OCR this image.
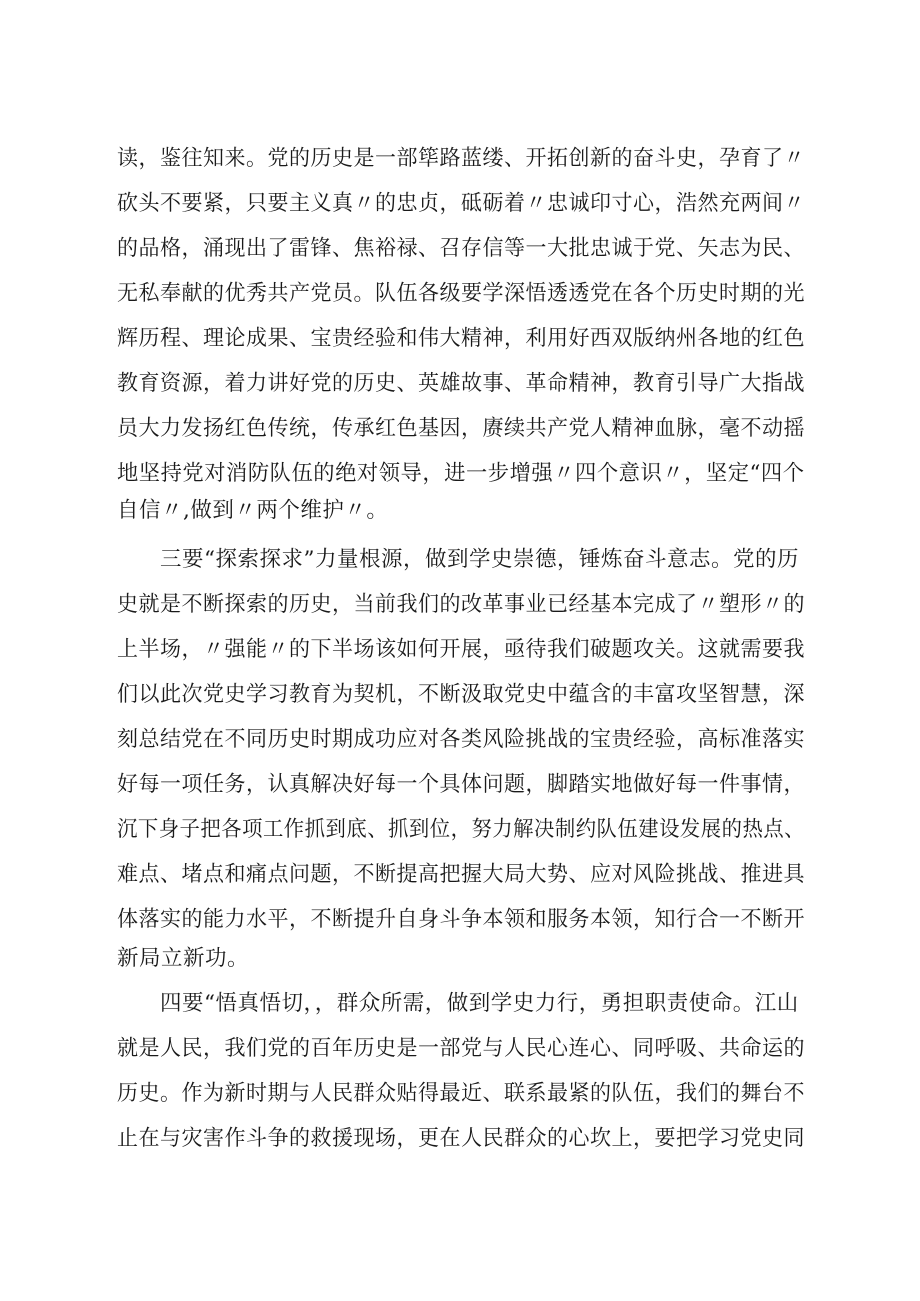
读，鉴往知来。党的历史是一部筚路蓝缕、开拓创新的奋斗史，孕育了〃
砍头不要紧，只要主义真〃的忠贞，砥砺着〃忠诚印寸心，浩然充两间〃
的品格，涌现出了雷锋、焦裕禄、召存信等一大批忠诚于党、矢志为民、
无私奉献的优秀共产党员。队伍各级要学深悟透透党在各个历史时期的光
辉历程、理论成果、宝贵经验和伟大精神，利用好西双版纳州各地的红色
教育资源，着力讲好党的历史、英雄故事、革命精神，教育引导广大指战
员大力发扬红色传统，传承红色基因，赓续共产党人精神血脉，毫不动摇
地坚持党对消防队伍的绝对领导，进一步增强〃四个意识〃，坚定“四个
自信〃,做到〃两个维护〃。
三要“探索探求”力量根源，做到学史崇德，锤炼奋斗意志。党的历
史就是不断探索的历史，当前我们的改革事业已经基本完成了〃塑形〃的
上半场，〃强能〃的下半场该如何开展，亟待我们破题攻关。这就需要我
们以此次党史学习教育为契机，不断汲取党史中蕴含的丰富攻坚智慧，深
刻总结党在不同历史时期成功应对各类风险挑战的宝贵经验，高标准落实
好每一项任务，认真解决好每一个具体问题，脚踏实地做好每一件事情，
沉下身子把各项工作抓到底、抓到位，努力解决制约队伍建设发展的热点、
难点、堵点和痛点问题，不断提高把握大局大势、应对风险挑战、推进具
体落实的能力水平，不断提升自身斗争本领和服务本领，知行合一不断开
新局立新功。
四要“悟真悟切，，群众所需，做到学史力行，勇担职责使命。江山
就是人民，我们党的百年历史是一部党与人民心连心、同呼吸、共命运的
历史。作为新时期与人民群众贴得最近、联系最紧的队伍，我们的舞台不
止在与灾害作斗争的救援现场，更在人民群众的心坎上，要把学习党史同
